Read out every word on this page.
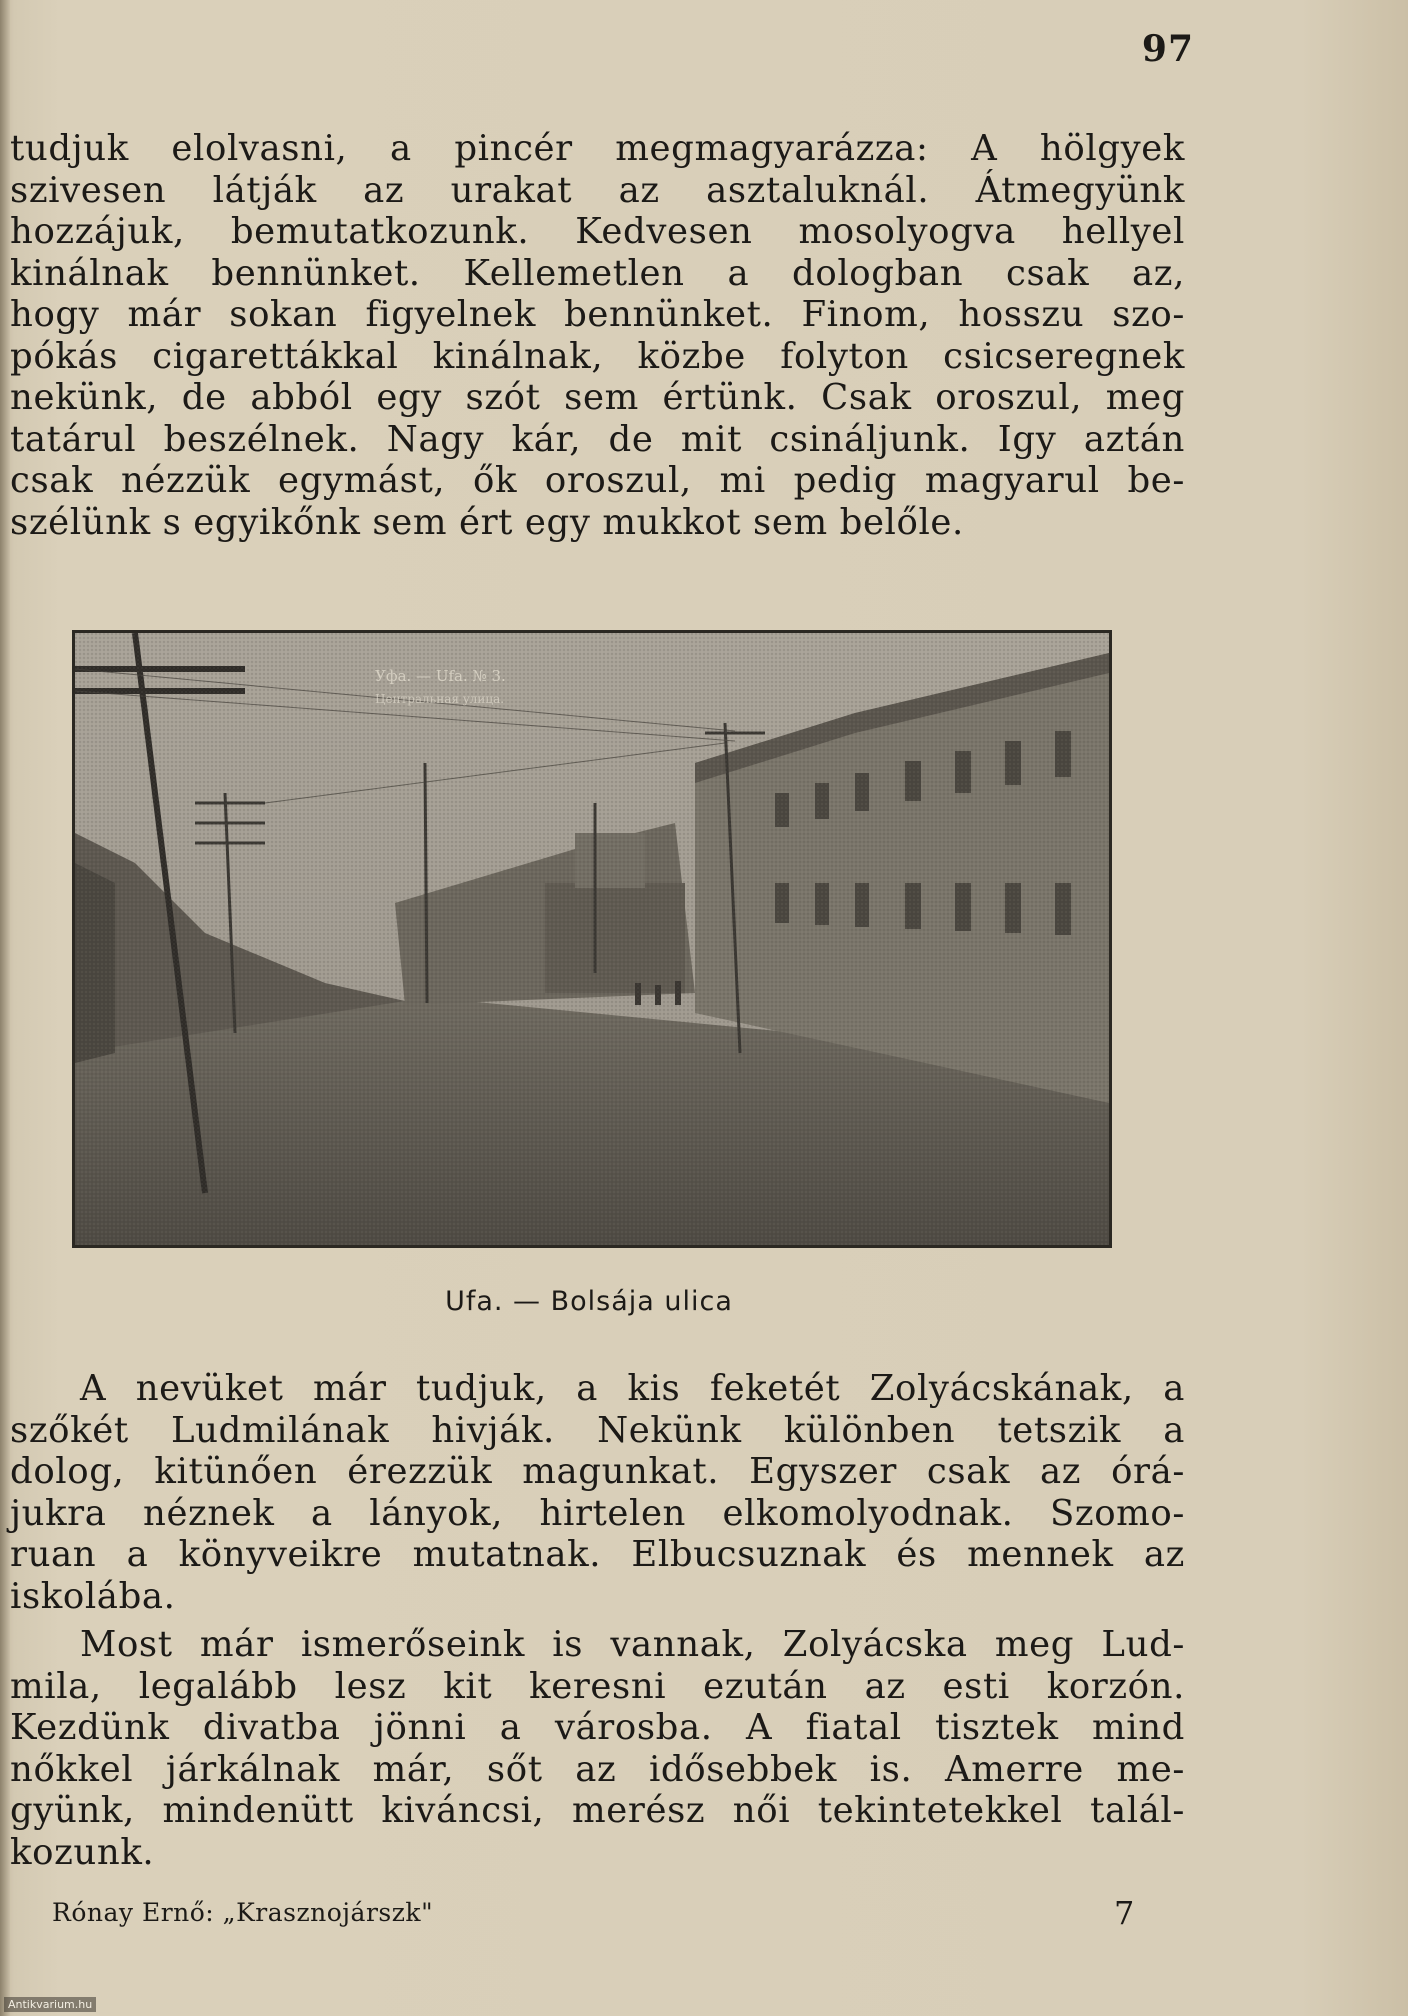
97
tudjuk elolvasni, a pincér megmagyarázza: A hölgyek
szivesen látják az urakat az asztaluknál. Átmegyünk
hozzájuk, bemutatkozunk. Kedvesen mosolyogva hellyel
kinálnak bennünket. Kellemetlen a dologban csak az,
hogy már sokan figyelnek bennünket. Finom, hosszu szo-
pókás cigarettákkal kinálnak, közbe folyton csicseregnek
nekünk, de abból egy szót sem értünk. Csak oroszul, meg
tatárul beszélnek. Nagy kár, de mit csináljunk. Igy aztán
csak nézzük egymást, ők oroszul, mi pedig magyarul be-
szélünk s egyikőnk sem ért egy mukkot sem belőle.
Уфа. — Ufa. № 3.
Центральная улица.
Ufa. — Bolsája ulica
A nevüket már tudjuk, a kis feketét Zolyácskának, a
szőkét Ludmilának hivják. Nekünk különben tetszik a
dolog, kitünően érezzük magunkat. Egyszer csak az órá-
jukra néznek a lányok, hirtelen elkomolyodnak. Szomo-
ruan a könyveikre mutatnak. Elbucsuznak és mennek az
iskolába.
Most már ismerőseink is vannak, Zolyácska meg Lud-
mila, legalább lesz kit keresni ezután az esti korzón.
Kezdünk divatba jönni a városba. A fiatal tisztek mind
nőkkel járkálnak már, sőt az idősebbek is. Amerre me-
gyünk, mindenütt kiváncsi, merész női tekintetekkel talál-
kozunk.
Rónay Ernő: „Krasznojárszk"	7
Antikvarium.hu
